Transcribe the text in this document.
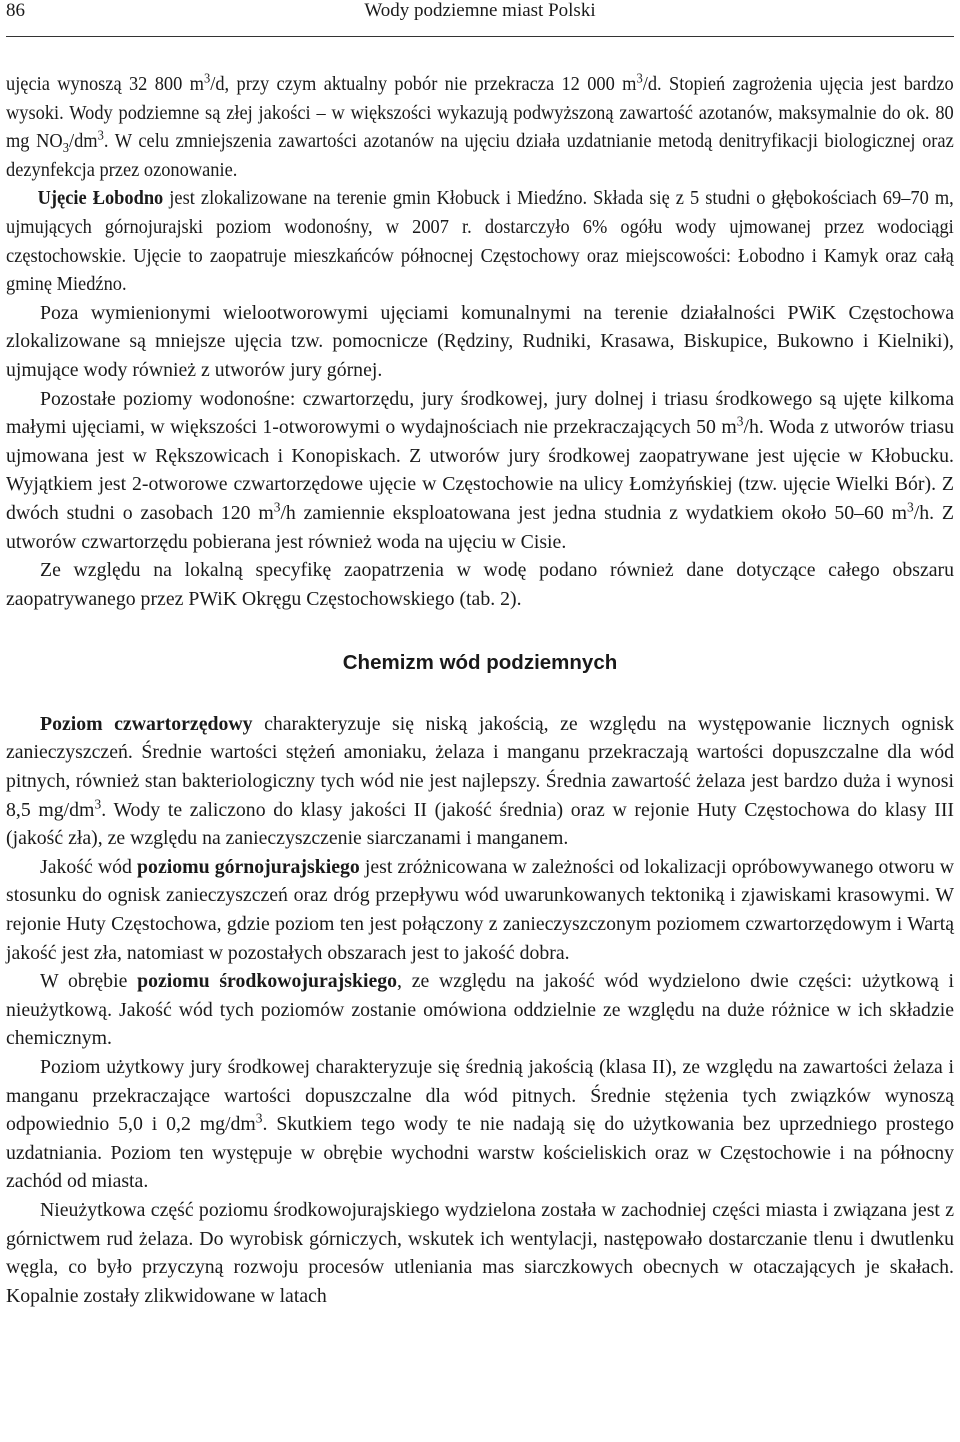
86	Wody podziemne miast Polski

ujęcia wynoszą 32 800 $m^3/d$, przy czym aktualny pobór nie przekracza 12 000 $m^3/d$. Stopień zagrożenia ujęcia jest bardzo wysoki. Wody podziemne są złej jakości – w większości wykazują podwyższoną zawartość azotanów, maksymalnie do ok. 80 mg $NO_3/dm^3$. W celu zmniejszenia zawartości azotanów na ujęciu działa uzdatnianie metodą denitryfikacji biologicznej oraz dezynfekcja przez ozonowanie.

Ujęcie Łobodno jest zlokalizowane na terenie gmin Kłobuck i Miedźno. Składa się z 5 studni o głębokościach 69–70 m, ujmujących górnojurajski poziom wodonośny, w 2007 r. dostarczyło 6% ogółu wody ujmowanej przez wodociągi częstochowskie. Ujęcie to zaopatruje mieszkańców północnej Częstochowy oraz miejscowości: Łobodno i Kamyk oraz całą gminę Miedźno.

Poza wymienionymi wielootworowymi ujęciami komunalnymi na terenie działalności PWiK Częstochowa zlokalizowane są mniejsze ujęcia tzw. pomocnicze (Rędziny, Rudniki, Krasawa, Biskupice, Bukowno i Kielniki), ujmujące wody również z utworów jury górnej.

Pozostałe poziomy wodonośne: czwartorzędu, jury środkowej, jury dolnej i triasu środkowego są ujęte kilkoma małymi ujęciami, w większości 1-otworowymi o wydajnościach nie przekraczających 50 $m^3/h$. Woda z utworów triasu ujmowana jest w Rększowicach i Konopiskach. Z utworów jury środkowej zaopatrywane jest ujęcie w Kłobucku. Wyjątkiem jest 2-otworowe czwartorzędowe ujęcie w Częstochowie na ulicy Łomżyńskiej (tzw. ujęcie Wielki Bór). Z dwóch studni o zasobach 120 $m^3/h$ zamiennie eksploatowana jest jedna studnia z wydatkiem około 50–60 $m^3/h$. Z utworów czwartorzędu pobierana jest również woda na ujęciu w Cisie.

Ze względu na lokalną specyfikę zaopatrzenia w wodę podano również dane dotyczące całego obszaru zaopatrywanego przez PWiK Okręgu Częstochowskiego (tab. 2).

Chemizm wód podziemnych

Poziom czwartorzędowy charakteryzuje się niską jakością, ze względu na występowanie licznych ognisk zanieczyszczeń. Średnie wartości stężeń amoniaku, żelaza i manganu przekraczają wartości dopuszczalne dla wód pitnych, również stan bakteriologiczny tych wód nie jest najlepszy. Średnia zawartość żelaza jest bardzo duża i wynosi 8,5 $mg/dm^3$. Wody te zaliczono do klasy jakości II (jakość średnia) oraz w rejonie Huty Częstochowa do klasy III (jakość zła), ze względu na zanieczyszczenie siarczanami i manganem.

Jakość wód poziomu górnojurajskiego jest zróżnicowana w zależności od lokalizacji opróbowywanego otworu w stosunku do ognisk zanieczyszczeń oraz dróg przepływu wód uwarunkowanych tektoniką i zjawiskami krasowymi. W rejonie Huty Częstochowa, gdzie poziom ten jest połączony z zanieczyszczonym poziomem czwartorzędowym i Wartą jakość jest zła, natomiast w pozostałych obszarach jest to jakość dobra.

W obrębie poziomu środkowojurajskiego, ze względu na jakość wód wydzielono dwie części: użytkową i nieużytkową. Jakość wód tych poziomów zostanie omówiona oddzielnie ze względu na duże różnice w ich składzie chemicznym.

Poziom użytkowy jury środkowej charakteryzuje się średnią jakością (klasa II), ze względu na zawartości żelaza i manganu przekraczające wartości dopuszczalne dla wód pitnych. Średnie stężenia tych związków wynoszą odpowiednio 5,0 i 0,2 $mg/dm^3$. Skutkiem tego wody te nie nadają się do użytkowania bez uprzedniego prostego uzdatniania. Poziom ten występuje w obrębie wychodni warstw kościeliskich oraz w Częstochowie i na północny zachód od miasta.

Nieużytkowa część poziomu środkowojurajskiego wydzielona została w zachodniej części miasta i związana jest z górnictwem rud żelaza. Do wyrobisk górniczych, wskutek ich wentylacji, następowało dostarczanie tlenu i dwutlenku węgla, co było przyczyną rozwoju procesów utleniania mas siarczkowych obecnych w otaczających je skałach. Kopalnie zostały zlikwidowane w latach
